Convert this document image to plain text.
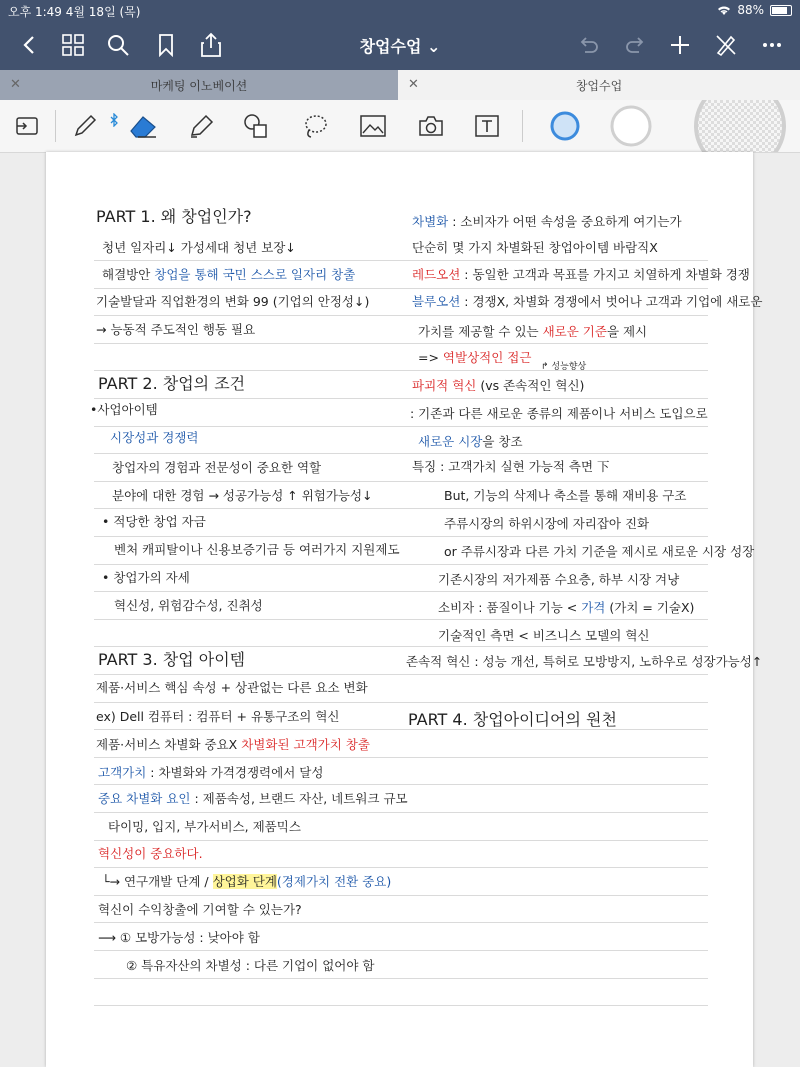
오후 1:49 4월 18일 (목)	88%
창업수업 ⌄
✕	마케팅 이노베이션	✕	창업수업
PART 1. 왜 창업인가?
청년 일자리↓ 가성세대 청년 보장↓
해결방안 창업을 통해 국민 스스로 일자리 창출
기술발달과 직업환경의 변화 99 (기업의 안정성↓)
→ 능동적 주도적인 행동 필요
PART 2. 창업의 조건
•사업아이템
시장성과 경쟁력
창업자의 경험과 전문성이 중요한 역할
분야에 대한 경험 → 성공가능성 ↑ 위험가능성↓
• 적당한 창업 자금
벤처 캐피탈이나 신용보증기금 등 여러가지 지원제도
• 창업가의 자세
혁신성, 위험감수성, 진취성
PART 3. 창업 아이템
제품·서비스 핵심 속성 + 상관없는 다른 요소 변화
ex) Dell 컴퓨터 : 컴퓨터 + 유통구조의 혁신
제품·서비스 차별화 중요X 차별화된 고객가치 창출
고객가치 : 차별화와 가격경쟁력에서 달성
중요 차별화 요인 : 제품속성, 브랜드 자산, 네트워크 규모
타이밍, 입지, 부가서비스, 제품믹스
혁신성이 중요하다.
└→ 연구개발 단계 / 상업화 단계(경제가치 전환 중요)
혁신이 수익창출에 기여할 수 있는가?
⟶ ① 모방가능성 : 낮아야 함
② 특유자산의 차별성 : 다른 기업이 없어야 함
차별화 : 소비자가 어떤 속성을 중요하게 여기는가
단순히 몇 가지 차별화된 창업아이템 바람직X
레드오션 : 동일한 고객과 목표를 가지고 치열하게 차별화 경쟁
블루오션 : 경쟁X, 차별화 경쟁에서 벗어나 고객과 기업에 새로운
가치를 제공할 수 있는 새로운 기준을 제시
=> 역발상적인 접근
↱ 성능향상
파괴적 혁신 (vs 존속적인 혁신)
: 기존과 다른 새로운 종류의 제품이나 서비스 도입으로
새로운 시장을 창조
특징 : 고객가치 실현 가능적 측면 下
But, 기능의 삭제나 축소를 통해 재비용 구조
주류시장의 하위시장에 자리잡아 진화
or 주류시장과 다른 가치 기준을 제시로 새로운 시장 성장
기존시장의 저가제품 수요층, 하부 시장 겨냥
소비자 : 품질이나 기능 < 가격 (가치 = 기술X)
기술적인 측면 < 비즈니스 모델의 혁신
존속적 혁신 : 성능 개선, 특허로 모방방지, 노하우로 성장가능성↑
PART 4. 창업아이디어의 원천
